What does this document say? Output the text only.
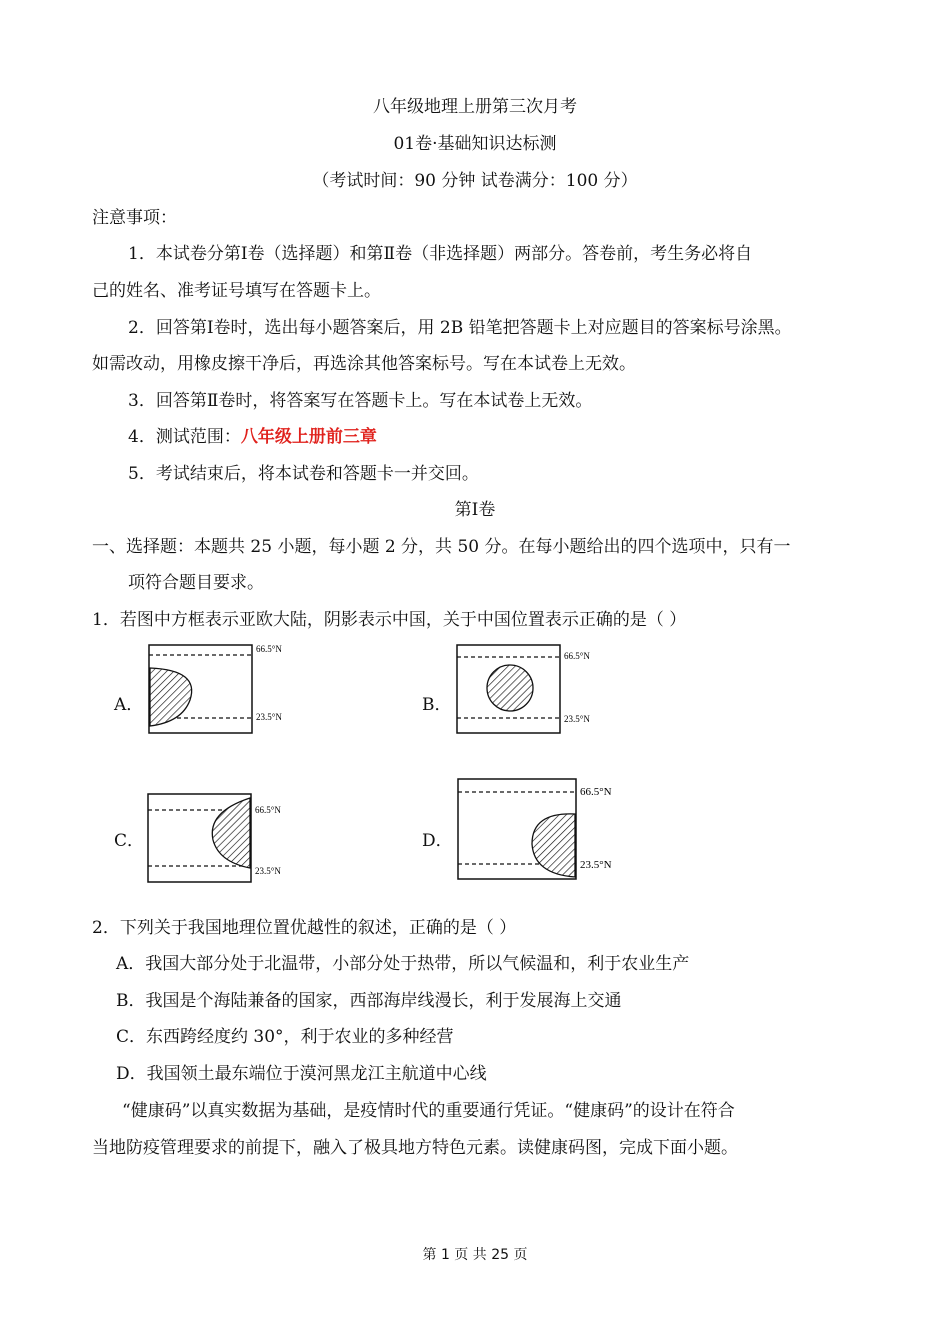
八年级地理上册第三次月考
01卷·基础知识达标测
（考试时间：90 分钟 试卷满分：100 分）
注意事项：
1．本试卷分第Ⅰ卷（选择题）和第Ⅱ卷（非选择题）两部分。答卷前，考生务必将自
己的姓名、准考证号填写在答题卡上。
2．回答第Ⅰ卷时，选出每小题答案后，用 2B 铅笔把答题卡上对应题目的答案标号涂黑。
如需改动，用橡皮擦干净后，再选涂其他答案标号。写在本试卷上无效。
3．回答第Ⅱ卷时，将答案写在答题卡上。写在本试卷上无效。
4．测试范围：八年级上册前三章
5．考试结束后，将本试卷和答题卡一并交回。
第Ⅰ卷
一、选择题：本题共 25 小题，每小题 2 分，共 50 分。在每小题给出的四个选项中，只有一
项符合题目要求。
1．若图中方框表示亚欧大陆，阴影表示中国，关于中国位置表示正确的是（ ）
A．
66.5°N
23.5°N
B．
66.5°N
23.5°N
C．
66.5°N
23.5°N
D．
66.5°N
23.5°N
2．下列关于我国地理位置优越性的叙述，正确的是（ ）
A．我国大部分处于北温带，小部分处于热带，所以气候温和，利于农业生产
B．我国是个海陆兼备的国家，西部海岸线漫长，利于发展海上交通
C．东西跨经度约 30°，利于农业的多种经营
D．我国领土最东端位于漠河黑龙江主航道中心线
“健康码”以真实数据为基础，是疫情时代的重要通行凭证。“健康码”的设计在符合
当地防疫管理要求的前提下，融入了极具地方特色元素。读健康码图，完成下面小题。
第 1 页 共 25 页
